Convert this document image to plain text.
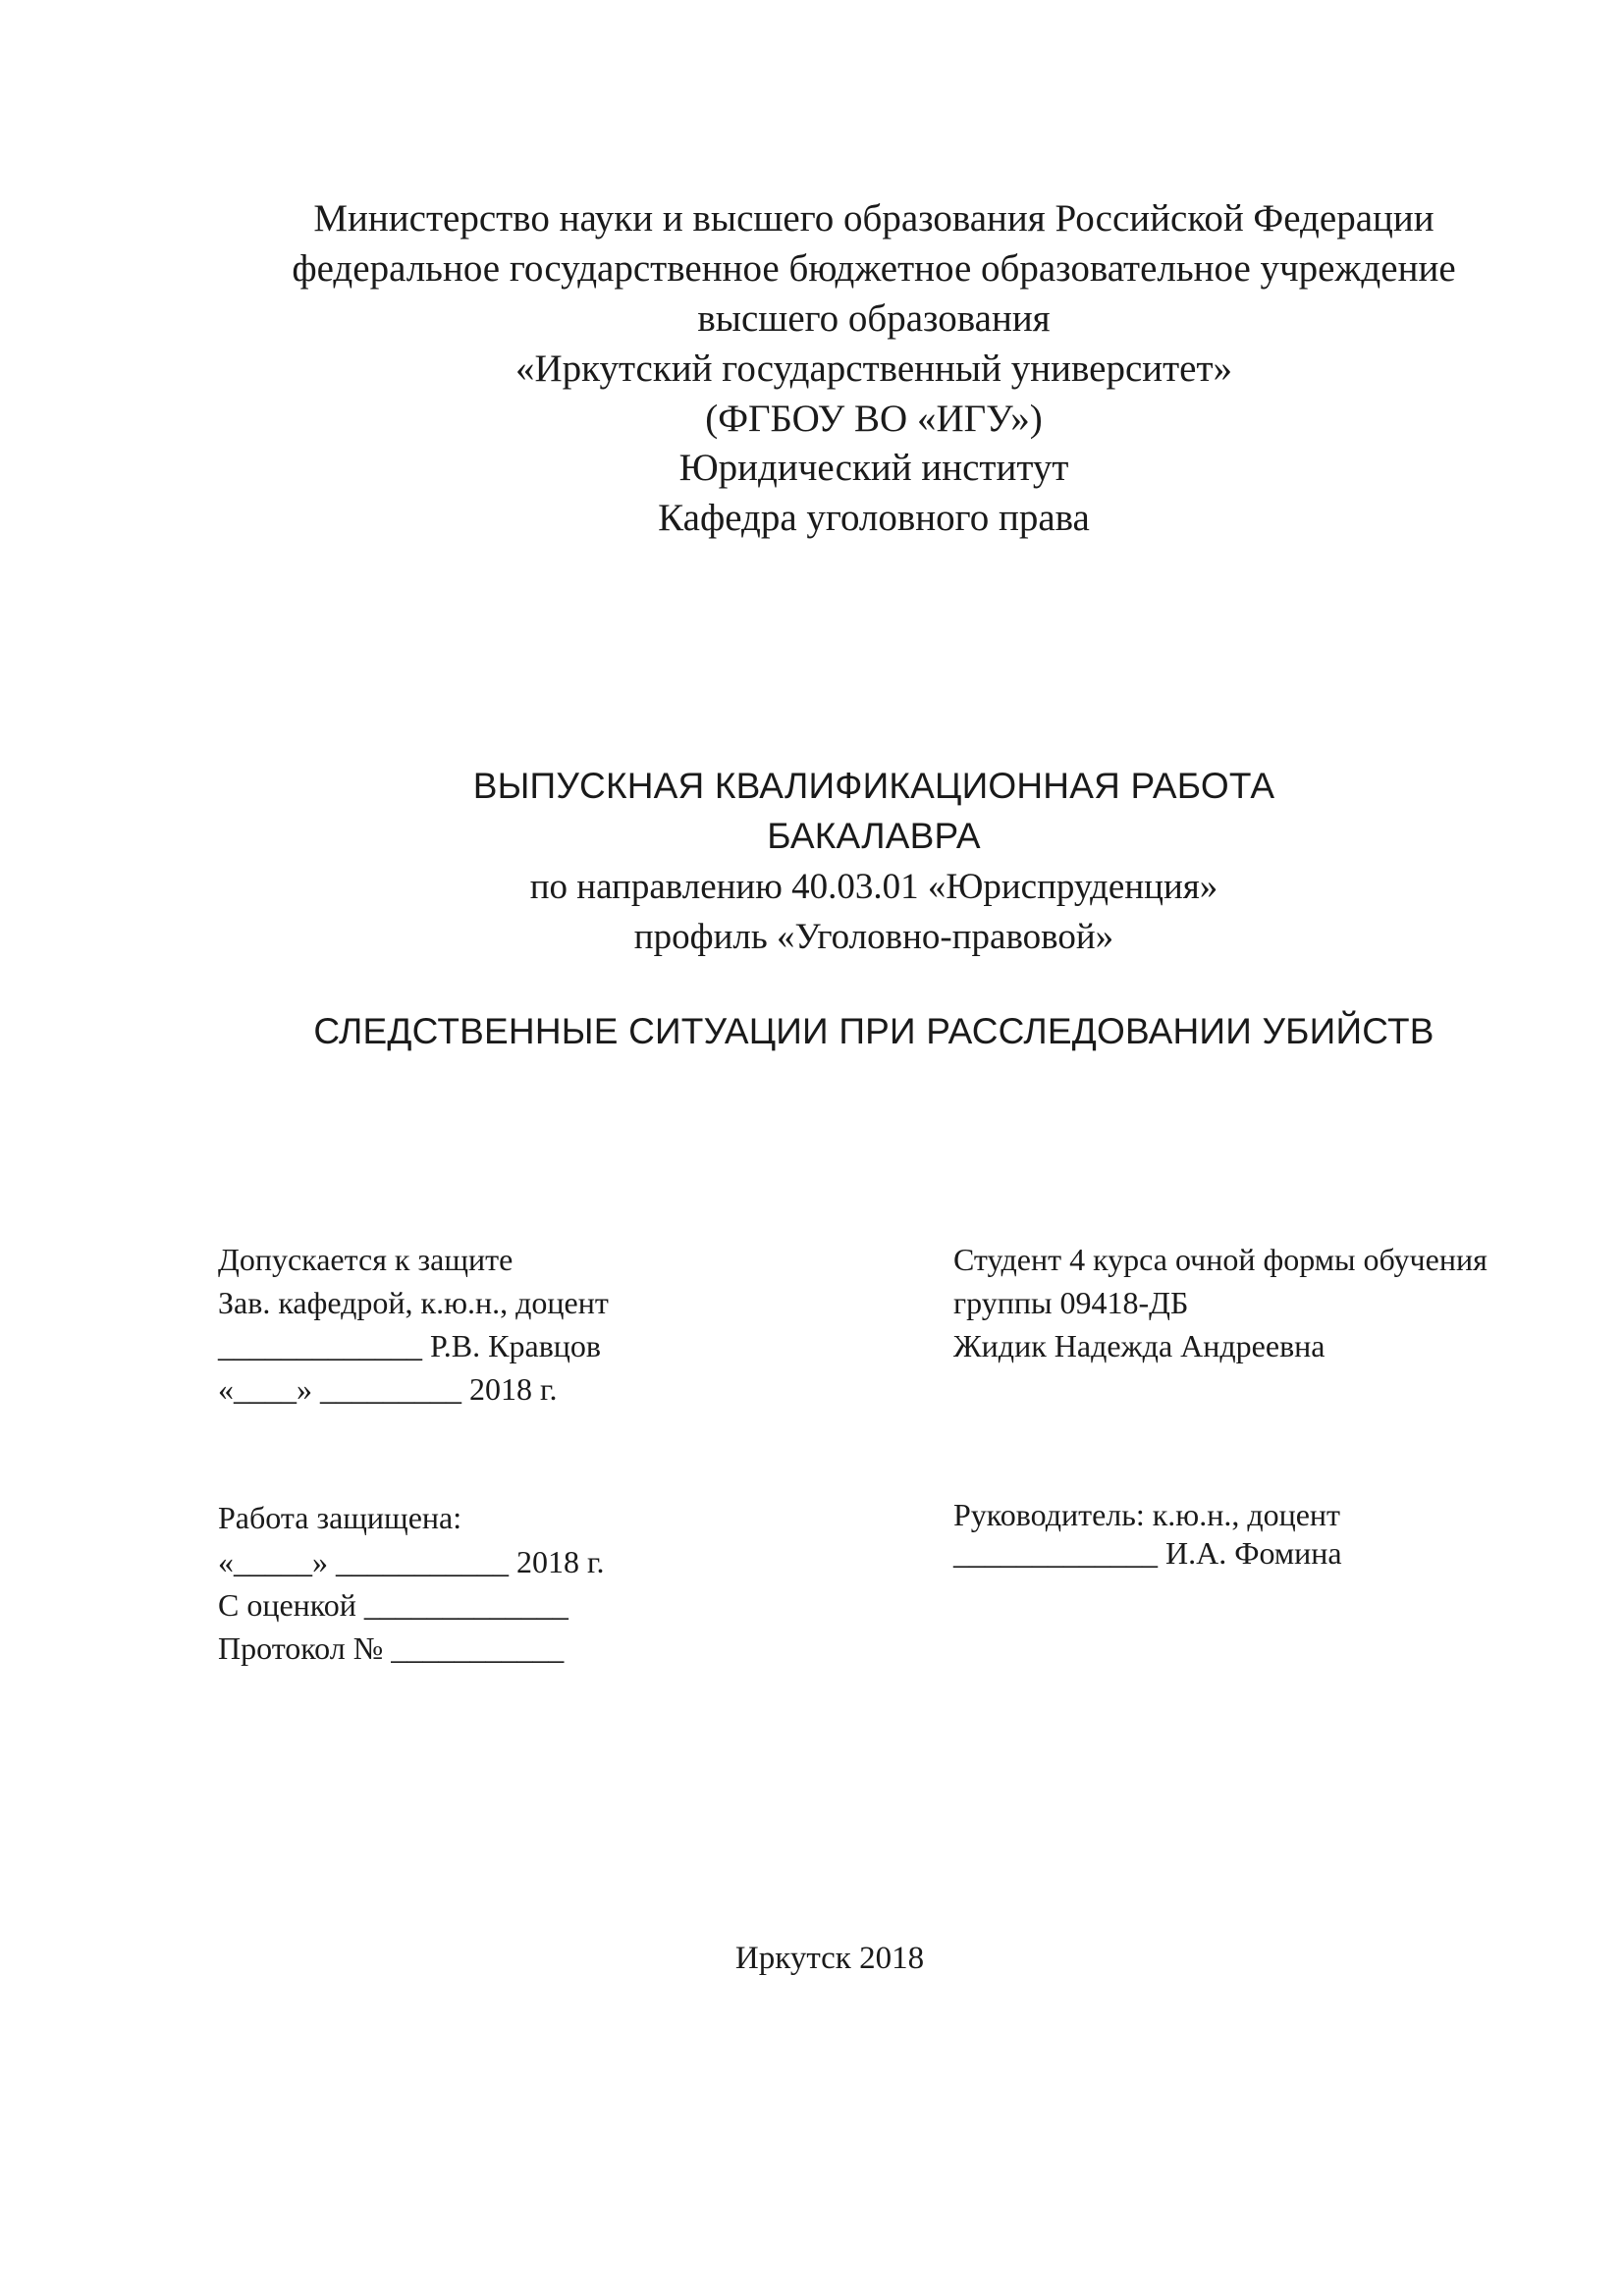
Министерство науки и высшего образования Российской Федерации
федеральное государственное бюджетное образовательное учреждение
высшего образования
«Иркутский государственный университет»
(ФГБОУ ВО «ИГУ»)
Юридический институт
Кафедра уголовного права
ВЫПУСКНАЯ КВАЛИФИКАЦИОННАЯ РАБОТА
БАКАЛАВРА
по направлению 40.03.01 «Юриспруденция»
профиль «Уголовно-правовой»
СЛЕДСТВЕННЫЕ СИТУАЦИИ ПРИ РАССЛЕДОВАНИИ УБИЙСТВ
Допускается к защите
Зав. кафедрой, к.ю.н., доцент
_____________ Р.В. Кравцов
«____» _________ 2018 г.
Студент 4 курса очной формы обучения
группы 09418-ДБ
Жидик Надежда Андреевна
Работа защищена:
«_____» ___________ 2018 г.
С оценкой _____________
Протокол № ___________
Руководитель: к.ю.н., доцент
_____________ И.А. Фомина
Иркутск 2018
